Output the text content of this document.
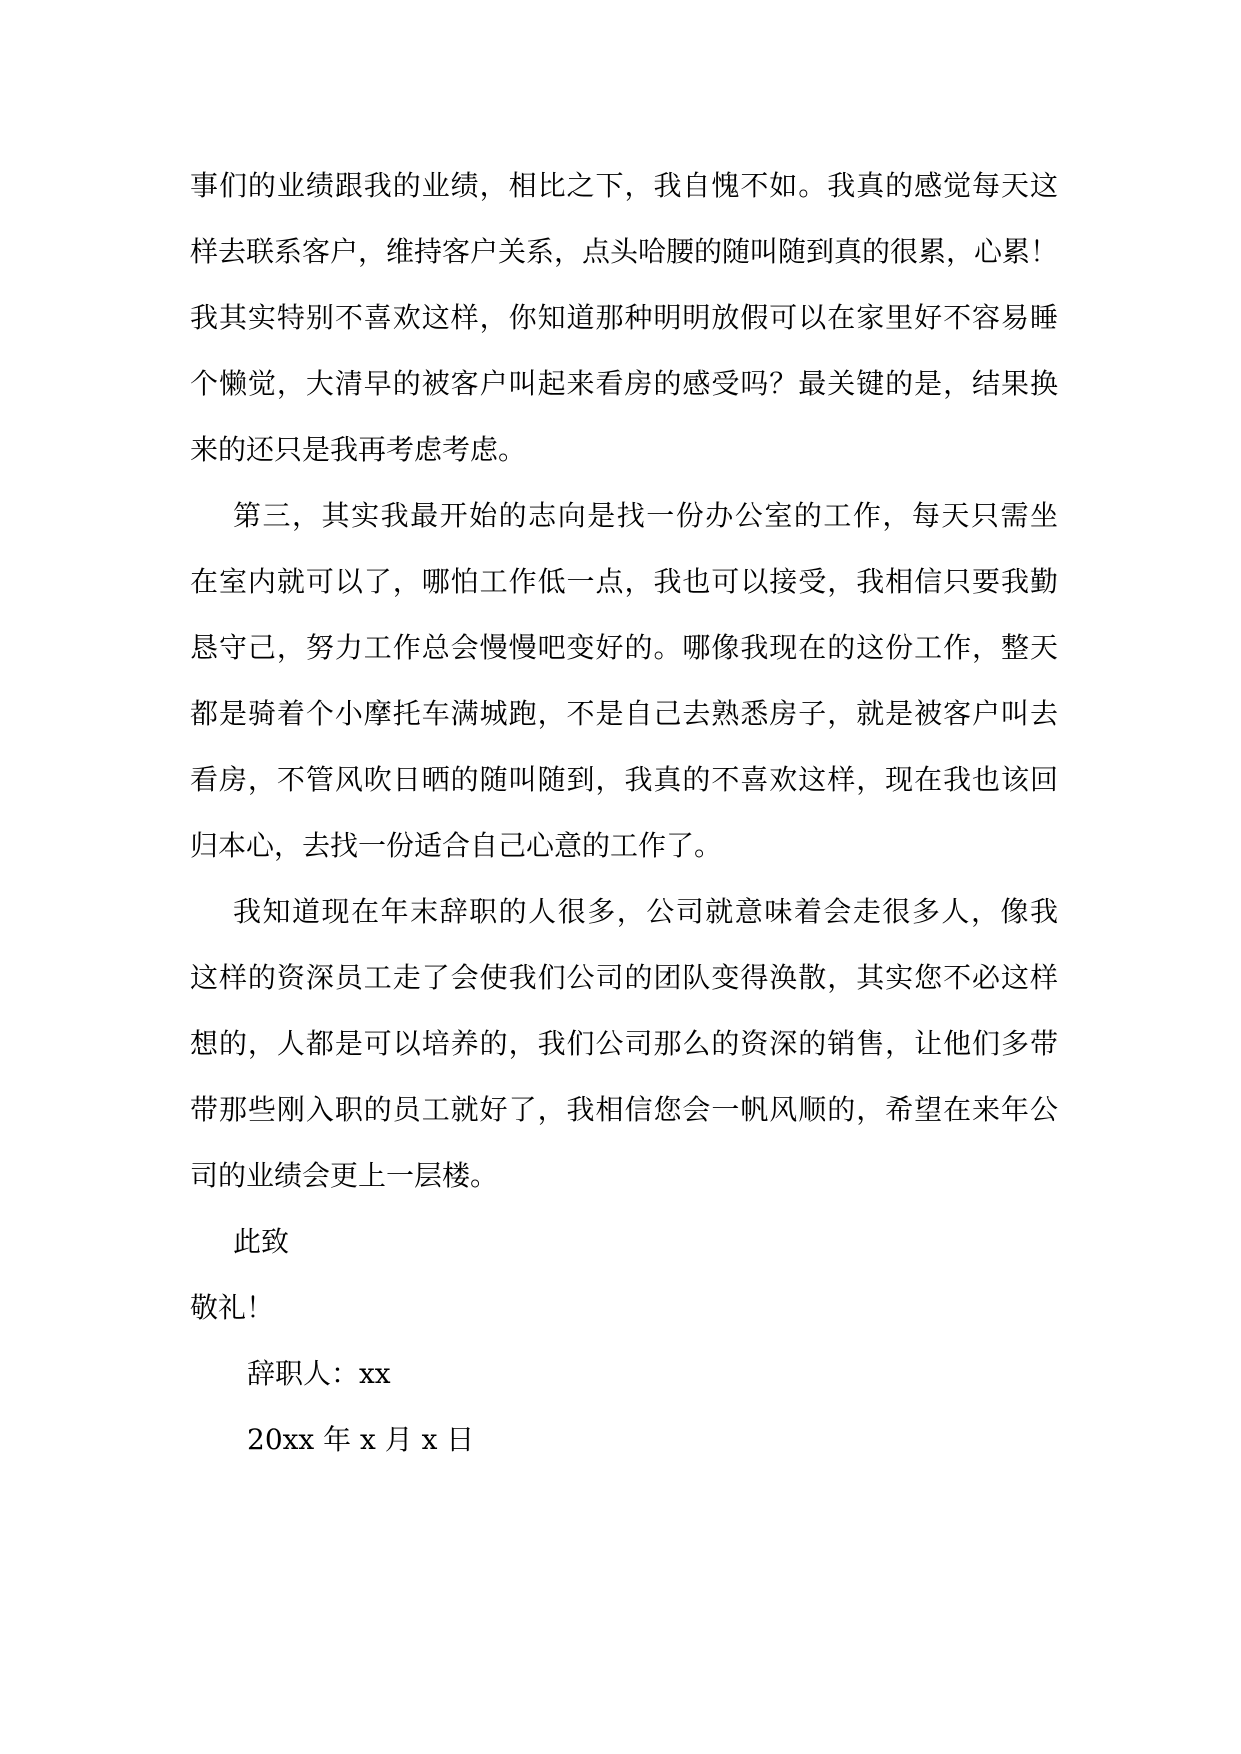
事们的业绩跟我的业绩，相比之下，我自愧不如。我真的感觉每天这
样去联系客户，维持客户关系，点头哈腰的随叫随到真的很累，心累！
我其实特别不喜欢这样，你知道那种明明放假可以在家里好不容易睡
个懒觉，大清早的被客户叫起来看房的感受吗？最关键的是，结果换
来的还只是我再考虑考虑。
第三，其实我最开始的志向是找一份办公室的工作，每天只需坐
在室内就可以了，哪怕工作低一点，我也可以接受，我相信只要我勤
恳守己，努力工作总会慢慢吧变好的。哪像我现在的这份工作，整天
都是骑着个小摩托车满城跑，不是自己去熟悉房子，就是被客户叫去
看房，不管风吹日晒的随叫随到，我真的不喜欢这样，现在我也该回
归本心，去找一份适合自己心意的工作了。
我知道现在年末辞职的人很多，公司就意味着会走很多人，像我
这样的资深员工走了会使我们公司的团队变得涣散，其实您不必这样
想的，人都是可以培养的，我们公司那么的资深的销售，让他们多带
带那些刚入职的员工就好了，我相信您会一帆风顺的，希望在来年公
司的业绩会更上一层楼。
此致
敬礼！
辞职人：xx
20xx 年 x 月 x 日
